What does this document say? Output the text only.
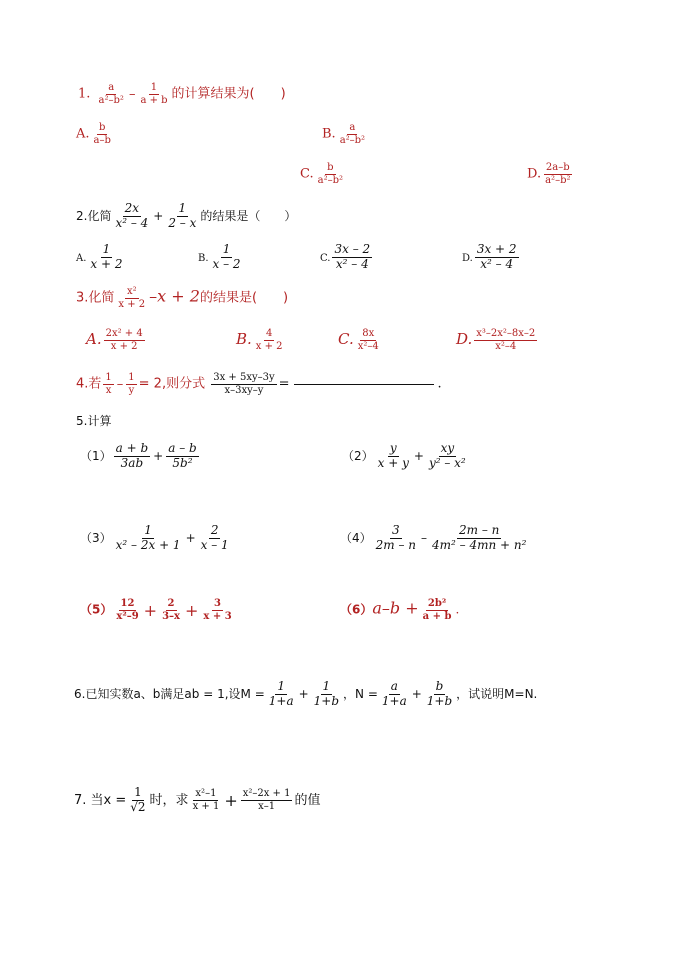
1. $\frac{a}{\text{a²–b²}} - \frac{1}{a + b}$ 的计算结果为(　　)
A. $\frac{b}{a-b}$	B. $\frac{a}{\text{a²–b²}}$
C. $\frac{b}{\text{a²–b²}}$	D. $\frac{2a-b}{\text{a²–b²}}$
2.化简 $\frac{2x}{\text{x² – 4}} + \frac{1}{2 - x}$ 的结果是（　　）
A. $\frac{1}{x + 2}$	B. $\frac{1}{x - 2}$	C. $\frac{3x - 2}{\text{x² – 4}}$	D. $\frac{3x + 2}{\text{x² – 4}}$
3.化简 $\frac{\text{x²}}{x + 2} -x + 2$的结果是(　　)
A. $\frac{\text{2x² + 4}}{x + 2}$	B. $\frac{4}{x + 2}$	C. $\frac{8x}{\text{x²–4}}$	D. $\frac{\text{x³–2x²–8x–2}}{\text{x²–4}}$
4.若 $\frac{1}{x} - \frac{1}{y} = 2$,则分式 $\frac{3x + 5xy-3y}{x-3xy-y}$ =	.
5.计算
$(1) \frac{a + b}{3ab} + \frac{a - b}{\text{5b²}}$	$(2) \frac{y}{x + y} + \frac{xy}{\text{y² – x²}}$
$(3) \frac{1}{\text{x² – 2x + 1}} + \frac{2}{x - 1}$	$(4) \frac{3}{2m - n} - \frac{2m - n}{\text{4m² – 4mn + n²}}$
$(5) \frac{12}{\text{x²–9}} + \frac{2}{3-x} + \frac{3}{x + 3}$	$(6)a-b + \frac{\text{2b²}}{a + b}$ .
6.已知实数a、b满足ab = 1,设$M = \frac{1}{1+a} + \frac{1}{1+b}$ ，$N = \frac{a}{1+a} + \frac{b}{1+b}$ ，试说明M=N.
7. 当$x = \frac{1}{√2}$ 时，求 $\frac{\text{x²–1}}{x + 1} + \frac{\text{x²–2x + 1}}{x-1}$ 的值
